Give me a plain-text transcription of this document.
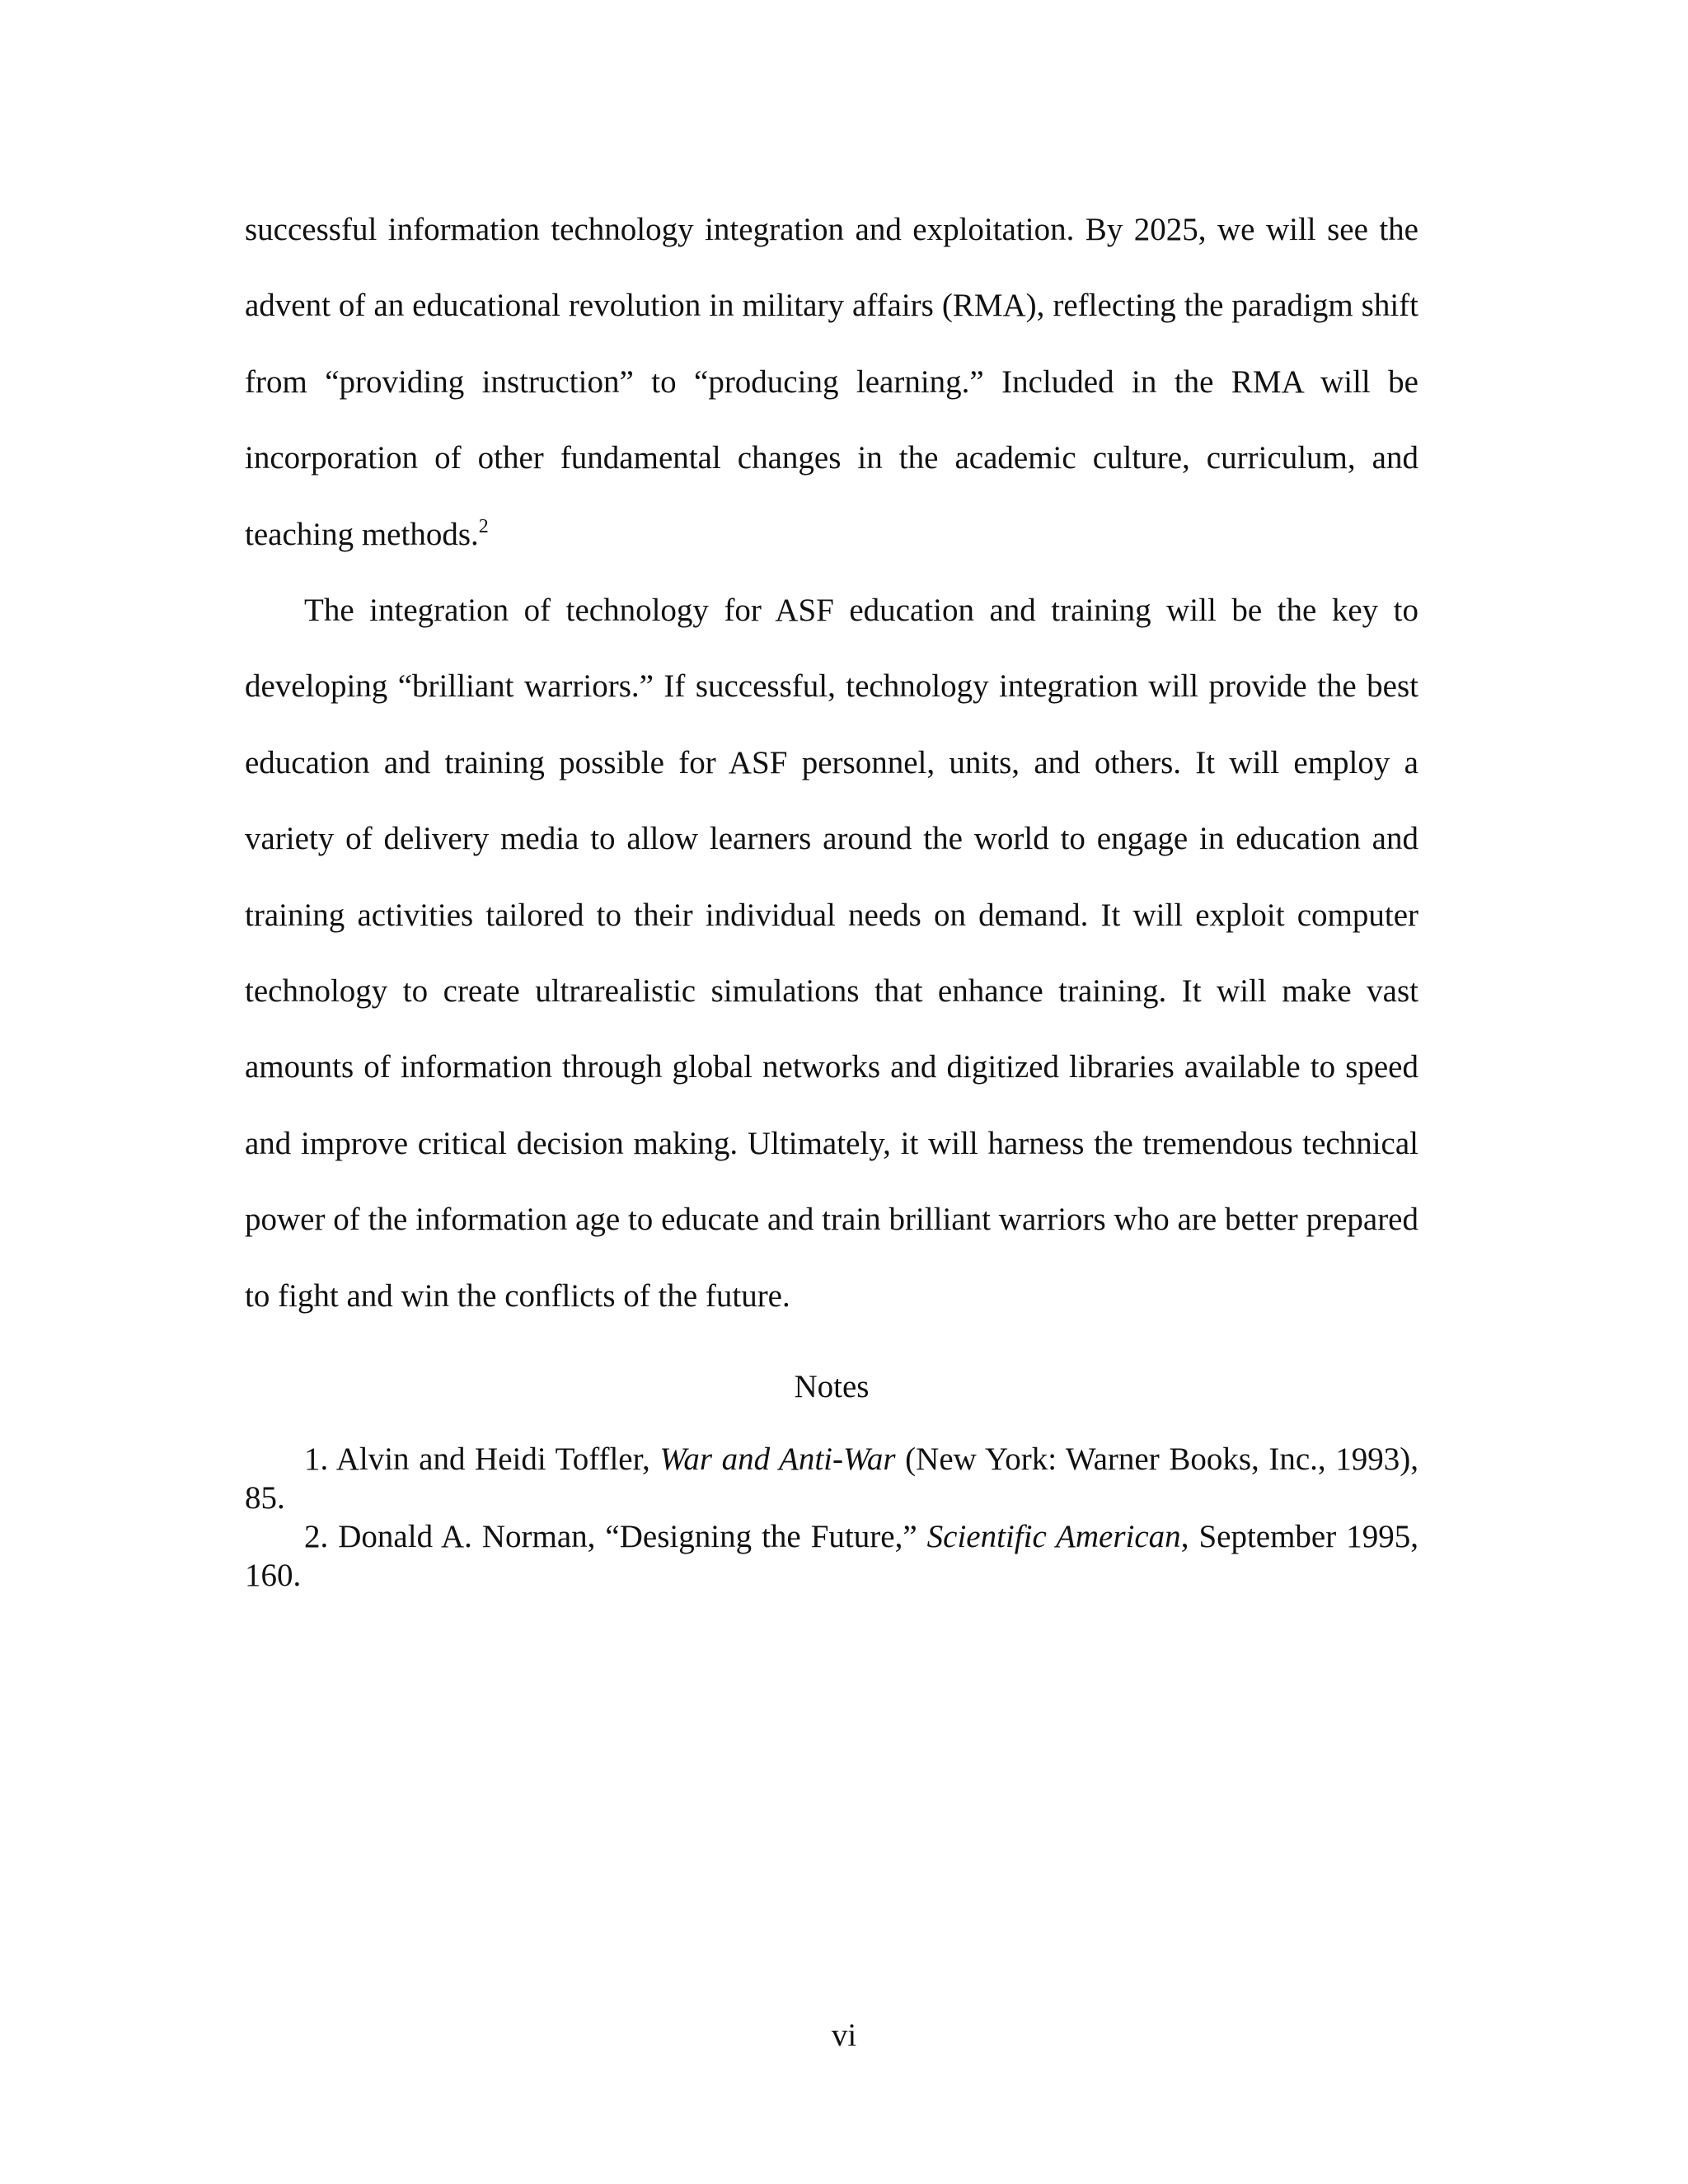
successful information technology integration and exploitation. By 2025, we will see the advent of an educational revolution in military affairs (RMA), reflecting the paradigm shift from “providing instruction” to “producing learning.” Included in the RMA will be incorporation of other fundamental changes in the academic culture, curriculum, and teaching methods.$^2$

The integration of technology for ASF education and training will be the key to developing “brilliant warriors.” If successful, technology integration will provide the best education and training possible for ASF personnel, units, and others. It will employ a variety of delivery media to allow learners around the world to engage in education and training activities tailored to their individual needs on demand. It will exploit computer technology to create ultrarealistic simulations that enhance training. It will make vast amounts of information through global networks and digitized libraries available to speed and improve critical decision making. Ultimately, it will harness the tremendous technical power of the information age to educate and train brilliant warriors who are better prepared to fight and win the conflicts of the future.

Notes

1. Alvin and Heidi Toffler, War and Anti-War (New York: Warner Books, Inc., 1993), 85.

2. Donald A. Norman, “Designing the Future,” Scientific American, September 1995, 160.

vi
